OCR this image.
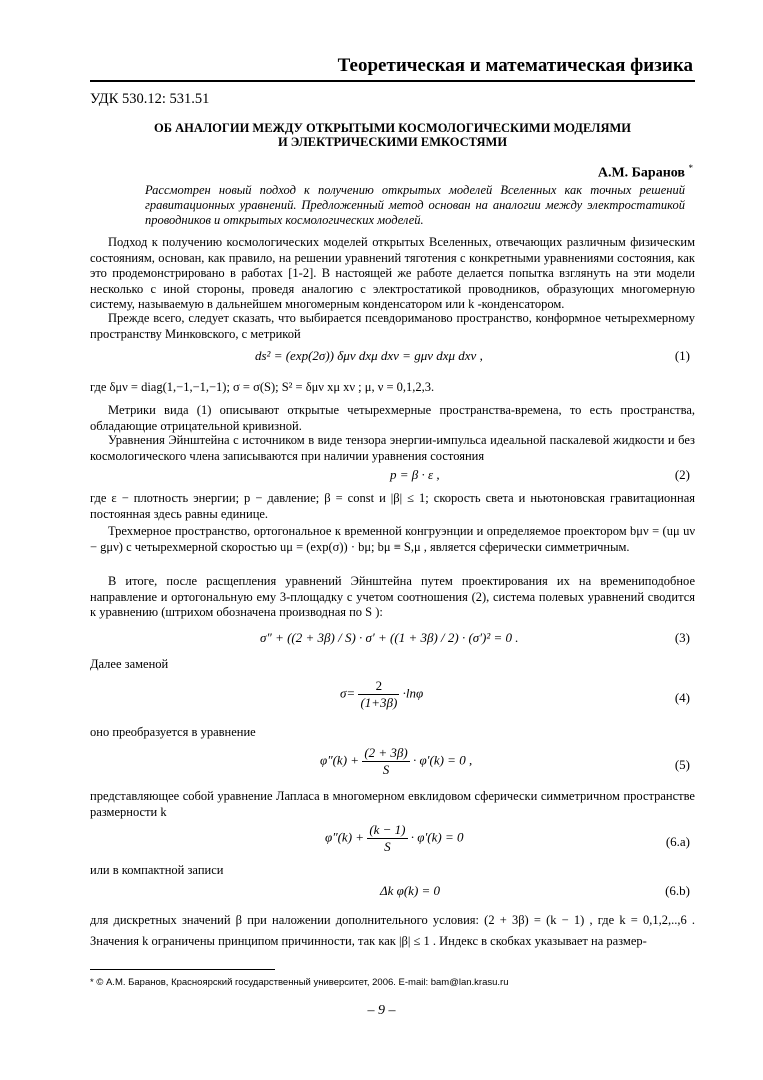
Теоретическая и математическая физика
УДК 530.12: 531.51
ОБ АНАЛОГИИ МЕЖДУ ОТКРЫТЫМИ КОСМОЛОГИЧЕСКИМИ МОДЕЛЯМИ
И ЭЛЕКТРИЧЕСКИМИ ЕМКОСТЯМИ
А.М. Баранов *
Рассмотрен новый подход к получению открытых моделей Вселенных как точных решений гравитационных уравнений. Предложенный метод основан на аналогии между электростатикой проводников и открытых космологических моделей.
Подход к получению космологических моделей открытых Вселенных, отвечающих различным физическим состояниям, основан, как правило, на решении уравнений тяготения с конкретными уравнениями состояния, как это продемонстрировано в работах [1-2]. В настоящей же работе делается попытка взглянуть на эти модели несколько с иной стороны, проведя аналогию с электростатикой проводников, образующих многомерную систему, называемую в дальнейшем многомерным конденсатором или k -конденсатором.
Прежде всего, следует сказать, что выбирается псевдориманово пространство, конформное четырехмерному пространству Минковского, с метрикой
ds² = (exp(2σ)) δμν dxμ dxν = gμν dxμ dxν ,	(1)
где δμν = diag(1,−1,−1,−1); σ = σ(S); S² = δμν xμ xν ; μ, ν = 0,1,2,3.
Метрики вида (1) описывают открытые четырехмерные пространства-времена, то есть пространства, обладающие отрицательной кривизной.
Уравнения Эйнштейна с источником в виде тензора энергии-импульса идеальной паскалевой жидкости и без космологического члена записываются при наличии уравнения состояния
p = β · ε ,	(2)
где ε − плотность энергии; p − давление; β = const и |β| ≤ 1; скорость света и ньютоновская гравитационная постоянная здесь равны единице.
Трехмерное пространство, ортогональное к временной конгруэнции и определяемое проектором bμν = (uμ uν − gμν) с четырехмерной скоростью uμ = (exp(σ)) · bμ; bμ ≡ S,μ , является сферически симметричным.
В итоге, после расщепления уравнений Эйнштейна путем проектирования их на времениподобное направление и ортогональную ему 3-площадку с учетом соотношения (2), система полевых уравнений сводится к уравнению (штрихом обозначена производная по S ):
σ″ + ((2 + 3β) / S) · σ′ + ((1 + 3β) / 2) · (σ′)² = 0 .	(3)
Далее заменой
$\sigma= \frac{2}{(1+3\beta)} \cdot\ln\varphi$	(4)
оно преобразуется в уравнение
$\varphi''(k) + \frac{(2 + 3\beta)}{S} \cdot \varphi'(k) = 0$ ,	(5)
представляющее собой уравнение Лапласа в многомерном евклидовом сферически симметричном пространстве размерности k
$\varphi''(k) + \frac{(k - 1)}{S} \cdot \varphi'(k) = 0$	(6.a)
или в компактной записи
Δk φ(k) = 0	(6.b)
для дискретных значений β при наложении дополнительного условия: (2 + 3β) = (k − 1) , где k = 0,1,2,..,6 . Значения k ограничены принципом причинности, так как |β| ≤ 1 . Индекс в скобках указывает на размер-
* © А.М. Баранов, Красноярский государственный университет, 2006. E-mail: bam@lan.krasu.ru
– 9 –
